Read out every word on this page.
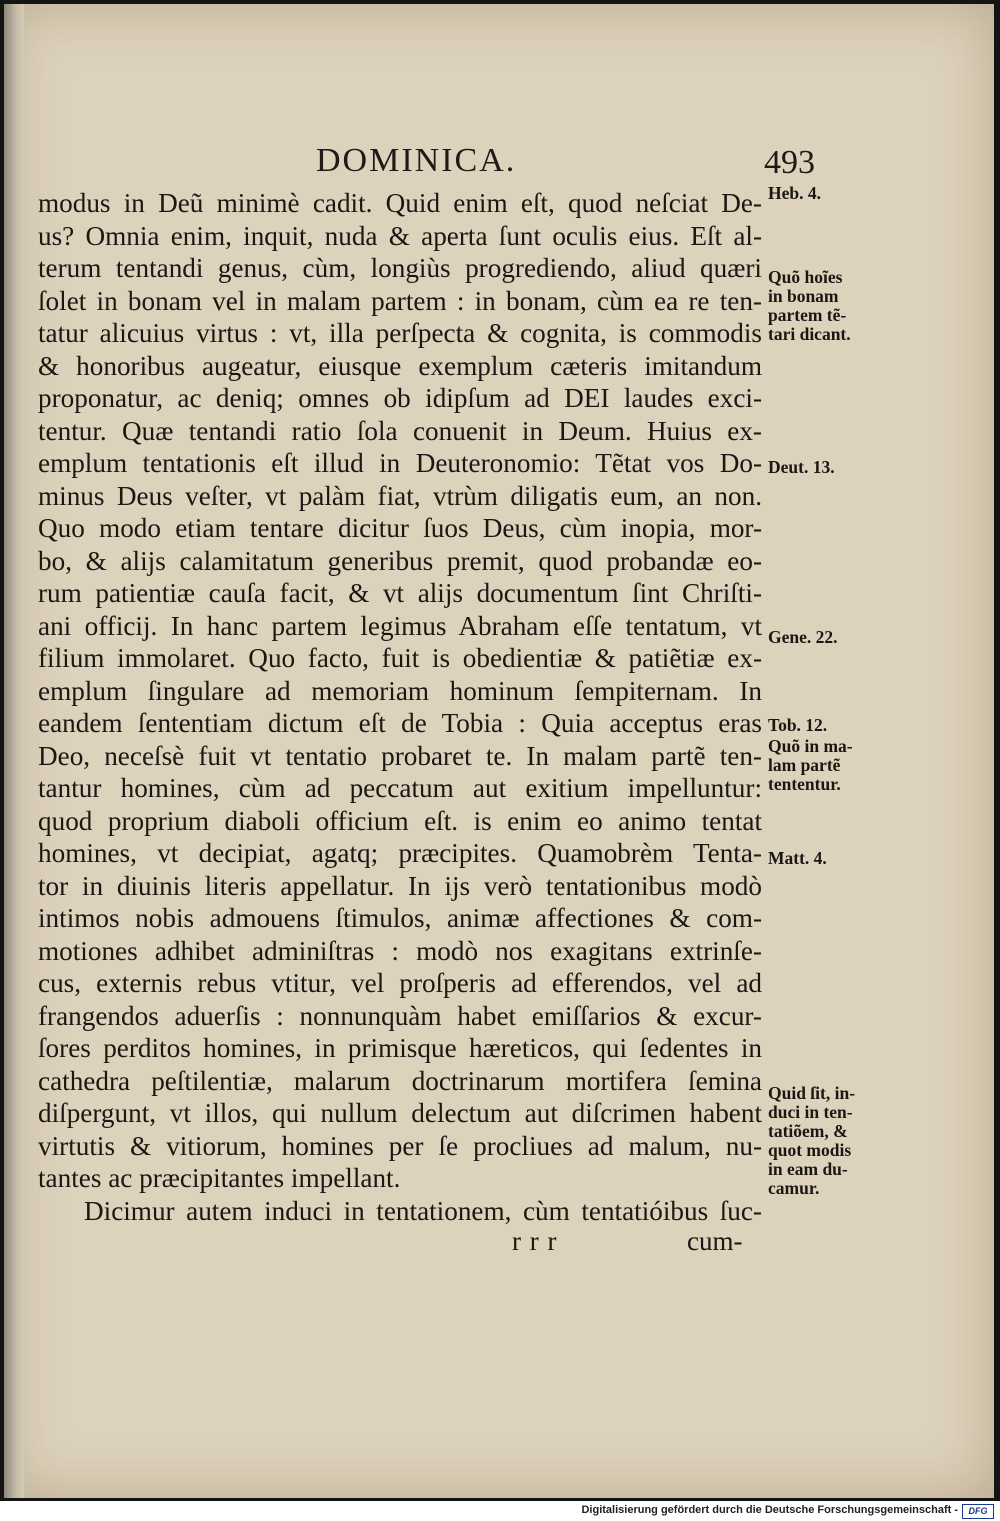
DOMINICA.	493
modus in Deũ minimè cadit. Quid enim eſt, quod neſciat De-
us? Omnia enim, inquit, nuda & aperta ſunt oculis eius. Eſt al-
terum tentandi genus, cùm, longiùs progrediendo, aliud quæri
ſolet in bonam vel in malam partem : in bonam, cùm ea re ten-
tatur alicuius virtus : vt, illa perſpecta & cognita, is commodis
& honoribus augeatur, eiusque exemplum cæteris imitandum
proponatur, ac deniq; omnes ob idipſum ad DEI laudes exci-
tentur. Quæ tentandi ratio ſola conuenit in Deum. Huius ex-
emplum tentationis eſt illud in Deuteronomio: Tẽtat vos Do-
minus Deus veſter, vt palàm fiat, vtrùm diligatis eum, an non.
Quo modo etiam tentare dicitur ſuos Deus, cùm inopia, mor-
bo, & alijs calamitatum generibus premit, quod probandæ eo-
rum patientiæ cauſa facit, & vt alijs documentum ſint Chriſti-
ani officij. In hanc partem legimus Abraham eſſe tentatum, vt
filium immolaret. Quo facto, fuit is obedientiæ & patiẽtiæ ex-
emplum ſingulare ad memoriam hominum ſempiternam. In
eandem ſententiam dictum eſt de Tobia : Quia acceptus eras
Deo, neceſsè fuit vt tentatio probaret te. In malam partẽ ten-
tantur homines, cùm ad peccatum aut exitium impelluntur:
quod proprium diaboli officium eſt. is enim eo animo tentat
homines, vt decipiat, agatq; præcipites. Quamobrèm Tenta-
tor in diuinis literis appellatur. In ijs verò tentationibus modò
intimos nobis admouens ſtimulos, animæ affectiones & com-
motiones adhibet adminiſtras : modò nos exagitans extrinſe-
cus, externis rebus vtitur, vel proſperis ad efferendos, vel ad
frangendos aduerſis : nonnunquàm habet emiſſarios & excur-
ſores perditos homines, in primisque hæreticos, qui ſedentes in
cathedra peſtilentiæ, malarum doctrinarum mortifera ſemina
diſpergunt, vt illos, qui nullum delectum aut diſcrimen habent
virtutis & vitiorum, homines per ſe procliues ad malum, nu-
tantes ac præcipitantes impellant.
Dicimur autem induci in tentationem, cùm tentatióibus ſuc-
Heb. 4.
Quõ hoĩes
in bonam
partem tẽ-
tari dicant.
Deut. 13.
Gene. 22.
Tob. 12.
Quõ in ma-
lam partẽ
tententur.
Matt. 4.
Quid ſit, in-
duci in ten-
tatiõem, &
quot modis
in eam du-
camur.
r r r	cum-
Digitalisierung gefördert durch die Deutsche Forschungsgemeinschaft -	DFG
